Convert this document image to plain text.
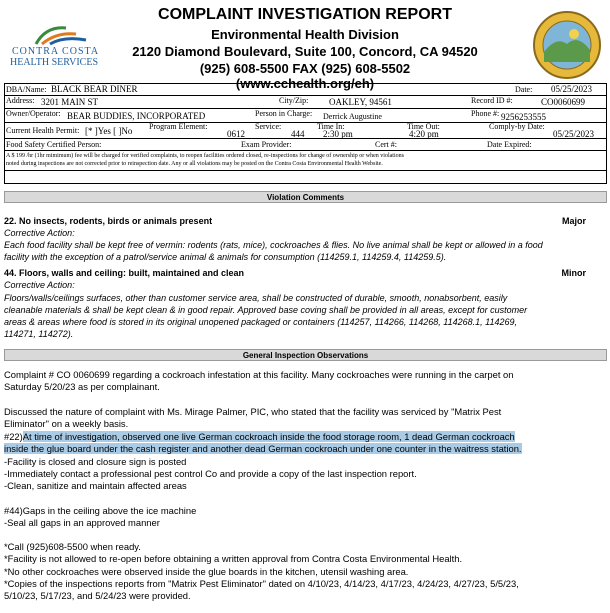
CONTRA COSTA
HEALTH SERVICES
COMPLAINT INVESTIGATION REPORT
Environmental Health Division
2120 Diamond Boulevard, Suite 100, Concord, CA 94520
(925) 608-5500 FAX (925) 608-5502 (www.cchealth.org/eh)
DBA/Name: BLACK BEAR DINER	Date: 05/25/2023
Address: 3201 MAIN ST	City/Zip: OAKLEY, 94561	Record ID #:	CO0060699
Owner/Operator: BEAR BUDDIES, INCORPORATED	Person in Charge: Derrick Augustine	Phone #: 9256253555
Current Health Permit: [* ]Yes [ ]No Program Element:
0612
Service:
444
Time In:
2:30 pm
Time Out:
4:20 pm
Comply-by Date:
05/25/2023
Food Safety Certified Person:	Exam Provider:	Cert #:	Date Expired:
A $ 199 /hr (1hr mimimum) fee will be charged for verified complaints, to reopen facilities ordered closed, re-inspections for change of ownership or when violations
noted during inspections are not corrected prior to reinspection date. Any or all violations may be posted on the Contra Costa Environmental Health Website.
Violation Comments
22. No insects, rodents, birds or animals present	Major
Corrective Action:
Each food facility shall be kept free of vermin: rodents (rats, mice), cockroaches & flies. No live animal shall be kept or allowed in a food
facility with the exception of a patrol/service animal & animals for consumption (114259.1, 114259.4, 114259.5).
44. Floors, walls and ceiling: built, maintained and clean	Minor
Corrective Action:
Floors/walls/ceilings surfaces, other than customer service area, shall be constructed of durable, smooth, nonabsorbent, easily
cleanable materials & shall be kept clean & in good repair. Approved base coving shall be provided in all areas, except for customer
areas & areas where food is stored in its original unopened packaged or containers (114257, 114266, 114268, 114268.1, 114269,
114271, 114272).
General Inspection Observations
Complaint # CO 0060699 regarding a cockroach infestation at this facility. Many cockroaches were running in the carpet on
Saturday 5/20/23 as per complainant.
Discussed the nature of complaint with Ms. Mirage Palmer, PIC, who stated that the facility was serviced by "Matrix Pest
Eliminator" on a weekly basis.
#22)At time of investigation, observed one live German cockroach inside the food storage room, 1 dead German cockroach
inside the glue board under the cash register and another dead German cockroach under one counter in the waitress station.
-Facility is closed and closure sign is posted
-Immediately contact a professional pest control Co and provide a copy of the last inspection report.
-Clean, sanitize and maintain affected areas
#44)Gaps in the ceiling above the ice machine
-Seal all gaps in an approved manner
*Call (925)608-5500 when ready.
*Facility is not allowed to re-open before obtaining a written approval from Contra Costa Environmental Health.
*No other cockroaches were observed inside the glue boards in the kitchen, utensil washing area.
*Copies of the inspections reports from "Matrix Pest Eliminator" dated on 4/10/23, 4/14/23, 4/17/23, 4/24/23, 4/27/23, 5/5/23,
5/10/23, 5/17/23, and 5/24/23 were provided.
